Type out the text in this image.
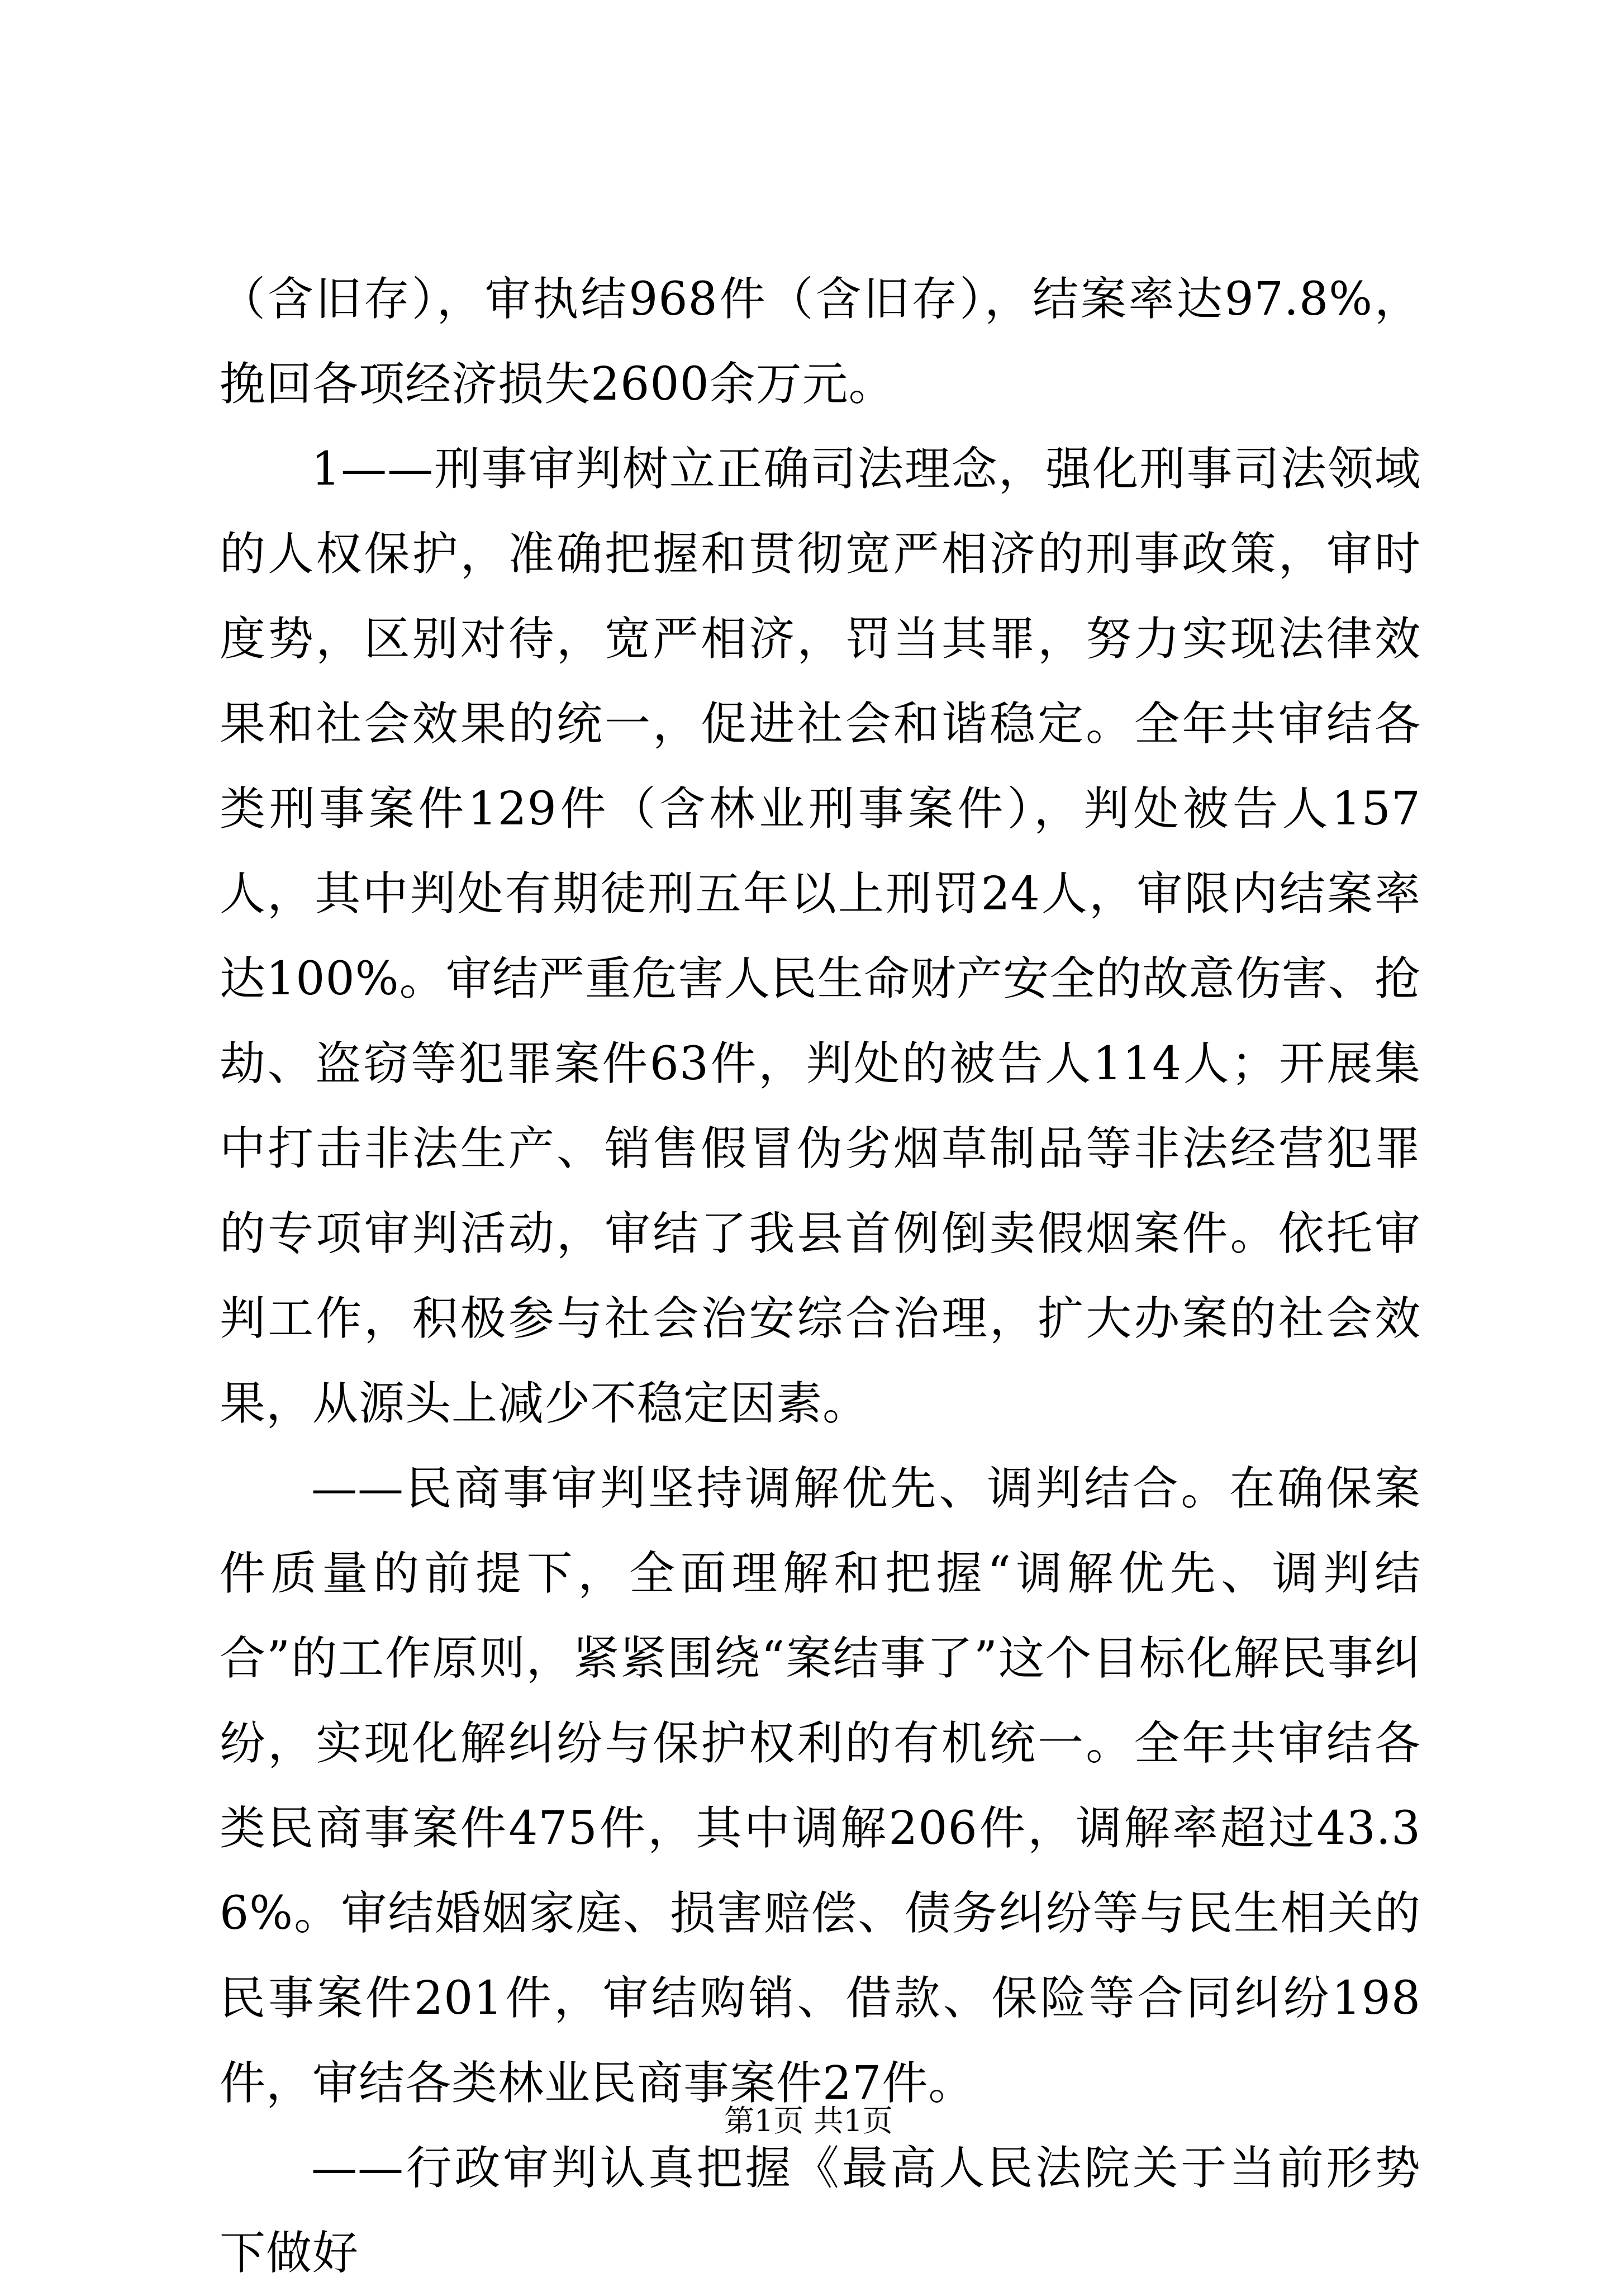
（含旧存），审执结968件（含旧存），结案率达97.8%，挽回各项经济损失2600余万元。

1——刑事审判树立正确司法理念，强化刑事司法领域的人权保护，准确把握和贯彻宽严相济的刑事政策，审时度势，区别对待，宽严相济，罚当其罪，努力实现法律效果和社会效果的统一，促进社会和谐稳定。全年共审结各类刑事案件129件（含林业刑事案件），判处被告人157人，其中判处有期徒刑五年以上刑罚24人，审限内结案率达100%。审结严重危害人民生命财产安全的故意伤害、抢劫、盗窃等犯罪案件63件，判处的被告人114人；开展集中打击非法生产、销售假冒伪劣烟草制品等非法经营犯罪的专项审判活动，审结了我县首例倒卖假烟案件。依托审判工作，积极参与社会治安综合治理，扩大办案的社会效果，从源头上减少不稳定因素。

——民商事审判坚持调解优先、调判结合。在确保案件质量的前提下，全面理解和把握“调解优先、调判结合”的工作原则，紧紧围绕“案结事了”这个目标化解民事纠纷，实现化解纠纷与保护权利的有机统一。全年共审结各类民商事案件475件，其中调解206件，调解率超过43.36%。审结婚姻家庭、损害赔偿、债务纠纷等与民生相关的民事案件201件，审结购销、借款、保险等合同纠纷198件，审结各类林业民商事案件27件。

——行政审判认真把握《最高人民法院关于当前形势下做好

第1页 共1页
